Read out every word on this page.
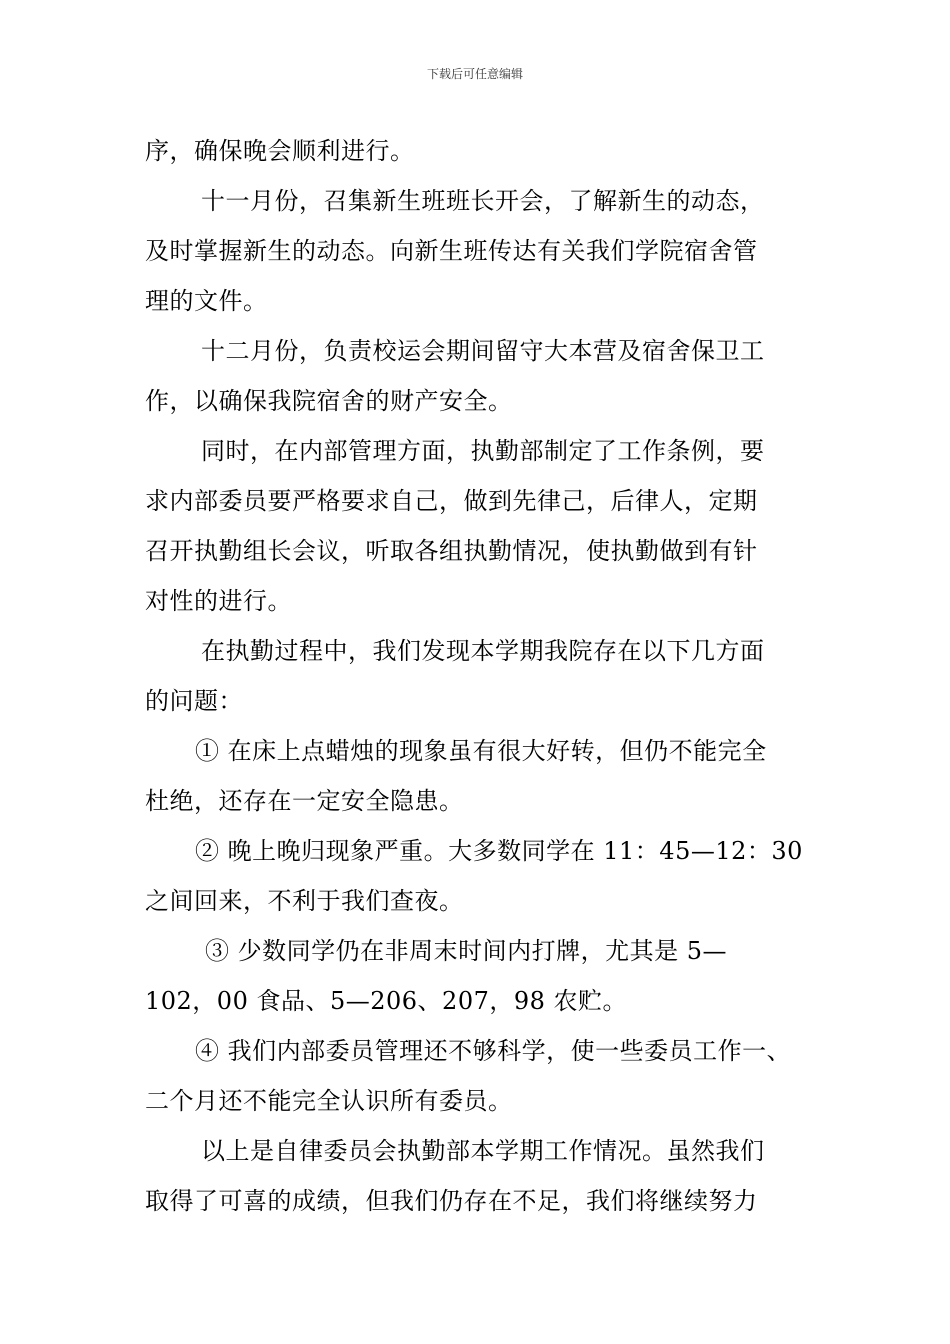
下载后可任意编辑
序，确保晚会顺利进行。
十一月份，召集新生班班长开会，了解新生的动态，
及时掌握新生的动态。向新生班传达有关我们学院宿舍管
理的文件。
十二月份，负责校运会期间留守大本营及宿舍保卫工
作，以确保我院宿舍的财产安全。
同时，在内部管理方面，执勤部制定了工作条例，要
求内部委员要严格要求自己，做到先律己，后律人，定期
召开执勤组长会议，听取各组执勤情况，使执勤做到有针
对性的进行。
在执勤过程中，我们发现本学期我院存在以下几方面
的问题：
① 在床上点蜡烛的现象虽有很大好转，但仍不能完全
杜绝，还存在一定安全隐患。
② 晚上晚归现象严重。大多数同学在 11：45—12：30
之间回来，不利于我们查夜。
③ 少数同学仍在非周末时间内打牌，尤其是 5—
102，00 食品、5—206、207，98 农贮。
④ 我们内部委员管理还不够科学，使一些委员工作一、
二个月还不能完全认识所有委员。
以上是自律委员会执勤部本学期工作情况。虽然我们
取得了可喜的成绩，但我们仍存在不足，我们将继续努力
